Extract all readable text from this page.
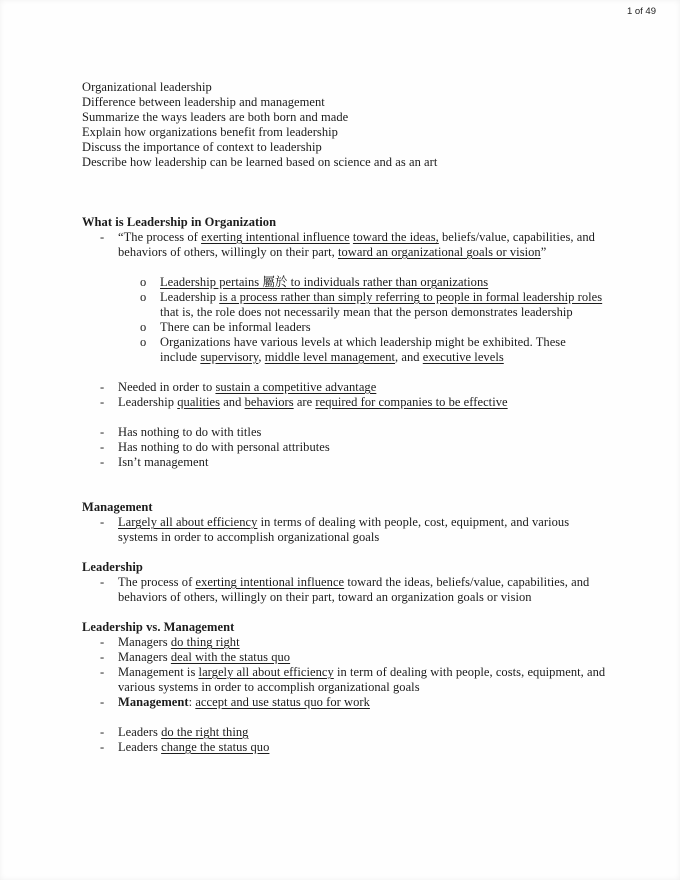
1 of 49
Organizational leadership
Difference between leadership and management
Summarize the ways leaders are both born and made
Explain how organizations benefit from leadership
Discuss the importance of context to leadership
Describe how leadership can be learned based on science and as an art
What is Leadership in Organization
-	“The process of exerting intentional influence toward the ideas, beliefs/value, capabilities, and behaviors of others, willingly on their part, toward an organizational goals or vision”
o	Leadership pertains 屬於 to individuals rather than organizations
o	Leadership is a process rather than simply referring to people in formal leadership roles that is, the role does not necessarily mean that the person demonstrates leadership
o	There can be informal leaders
o	Organizations have various levels at which leadership might be exhibited. These include supervisory, middle level management, and executive levels
-	Needed in order to sustain a competitive advantage
-	Leadership qualities and behaviors are required for companies to be effective
-	Has nothing to do with titles
-	Has nothing to do with personal attributes
-	Isn’t management
Management
-	Largely all about efficiency in terms of dealing with people, cost, equipment, and various systems in order to accomplish organizational goals
Leadership
-	The process of exerting intentional influence toward the ideas, beliefs/value, capabilities, and behaviors of others, willingly on their part, toward an organization goals or vision
Leadership vs. Management
-	Managers do thing right
-	Managers deal with the status quo
-	Management is largely all about efficiency in term of dealing with people, costs, equipment, and various systems in order to accomplish organizational goals
-	Management: accept and use status quo for work
-	Leaders do the right thing
-	Leaders change the status quo
